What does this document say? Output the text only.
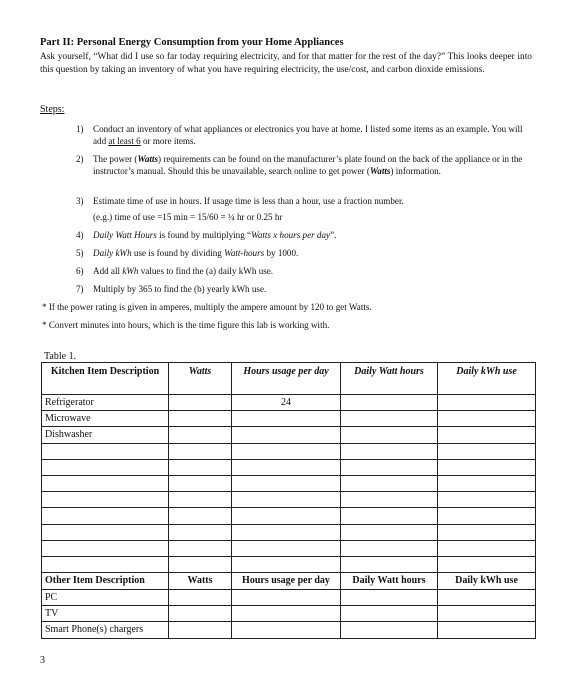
Part II: Personal Energy Consumption from your Home Appliances
Ask yourself, “What did I use so far today requiring electricity, and for that matter for the rest of the day?” This looks deeper into this question by taking an inventory of what you have requiring electricity, the use/cost, and carbon dioxide emissions.
Steps:
1) Conduct an inventory of what appliances or electronics you have at home. I listed some items as an example. You will add at least 6 or more items.
2) The power (Watts) requirements can be found on the manufacturer’s plate found on the back of the appliance or in the instructor’s manual. Should this be unavailable, search online to get power (Watts) information.
3) Estimate time of use in hours. If usage time is less than a hour, use a fraction number.
(e.g.) time of use =15 min = 15/60 = ¼ hr or 0.25 hr
4) Daily Watt Hours is found by multiplying “Watts x hours per day”.
5) Daily kWh use is found by dividing Watt-hours by 1000.
6) Add all kWh values to find the (a) daily kWh use.
7) Multiply by 365 to find the (b) yearly kWh use.
* If the power rating is given in amperes, multiply the ampere amount by 120 to get Watts.
* Convert minutes into hours, which is the time figure this lab is working with.
Table 1.
Kitchen Item Description	Watts	Hours usage per day	Daily Watt hours	Daily kWh use
Refrigerator		24		
Microwave				
Dishwasher				

Other Item Description	Watts	Hours usage per day	Daily Watt hours	Daily kWh use
PC				
TV				
Smart Phone(s) chargers				
3
